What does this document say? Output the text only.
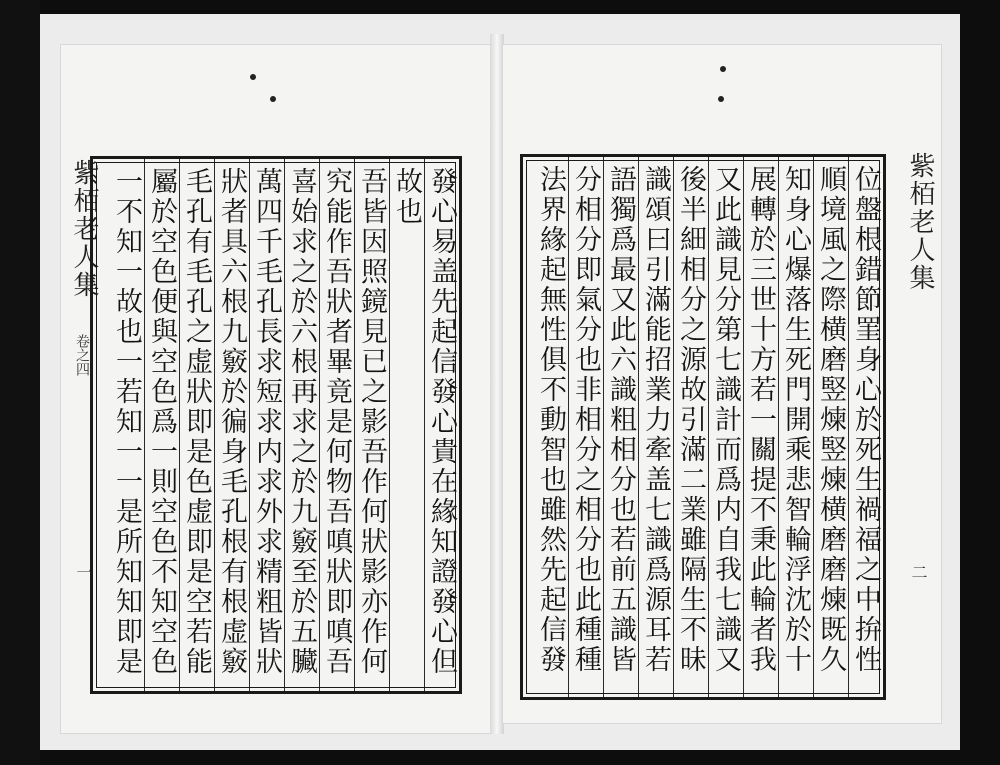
紫栢老人集
卷之四
一
發心易盖先起信發心貴在緣知證發心但
故也
吾皆因照鏡見已之影吾作何狀影亦作何
究能作吾狀者畢竟是何物吾嗔狀即嗔吾
喜始求之於六根再求之於九竅至於五臟
萬四千毛孔長求短求内求外求精粗皆狀
狀者具六根九竅於徧身毛孔根有根虚竅
毛孔有毛孔之虚狀即是色虚即是空若能
屬於空色便與空色爲一則空色不知空色
一不知一故也一若知一一是所知知即是
紫栢老人集
二
位盤根錯節罣身心於死生禍福之中拚性
順境風之際横磨竪煉竪煉横磨磨煉既久
知身心爆落生死門開乘悲智輪浮沈於十
展轉於三世十方若一關提不秉此輪者我
又此識見分第七識計而爲内自我七識又
後半細相分之源故引滿二業雖隔生不昧
識頌曰引滿能招業力牽盖七識爲源耳若
語獨爲最又此六識粗相分也若前五識皆
分相分即氣分也非相分之相分也此種種
法界緣起無性俱不動智也雖然先起信發
